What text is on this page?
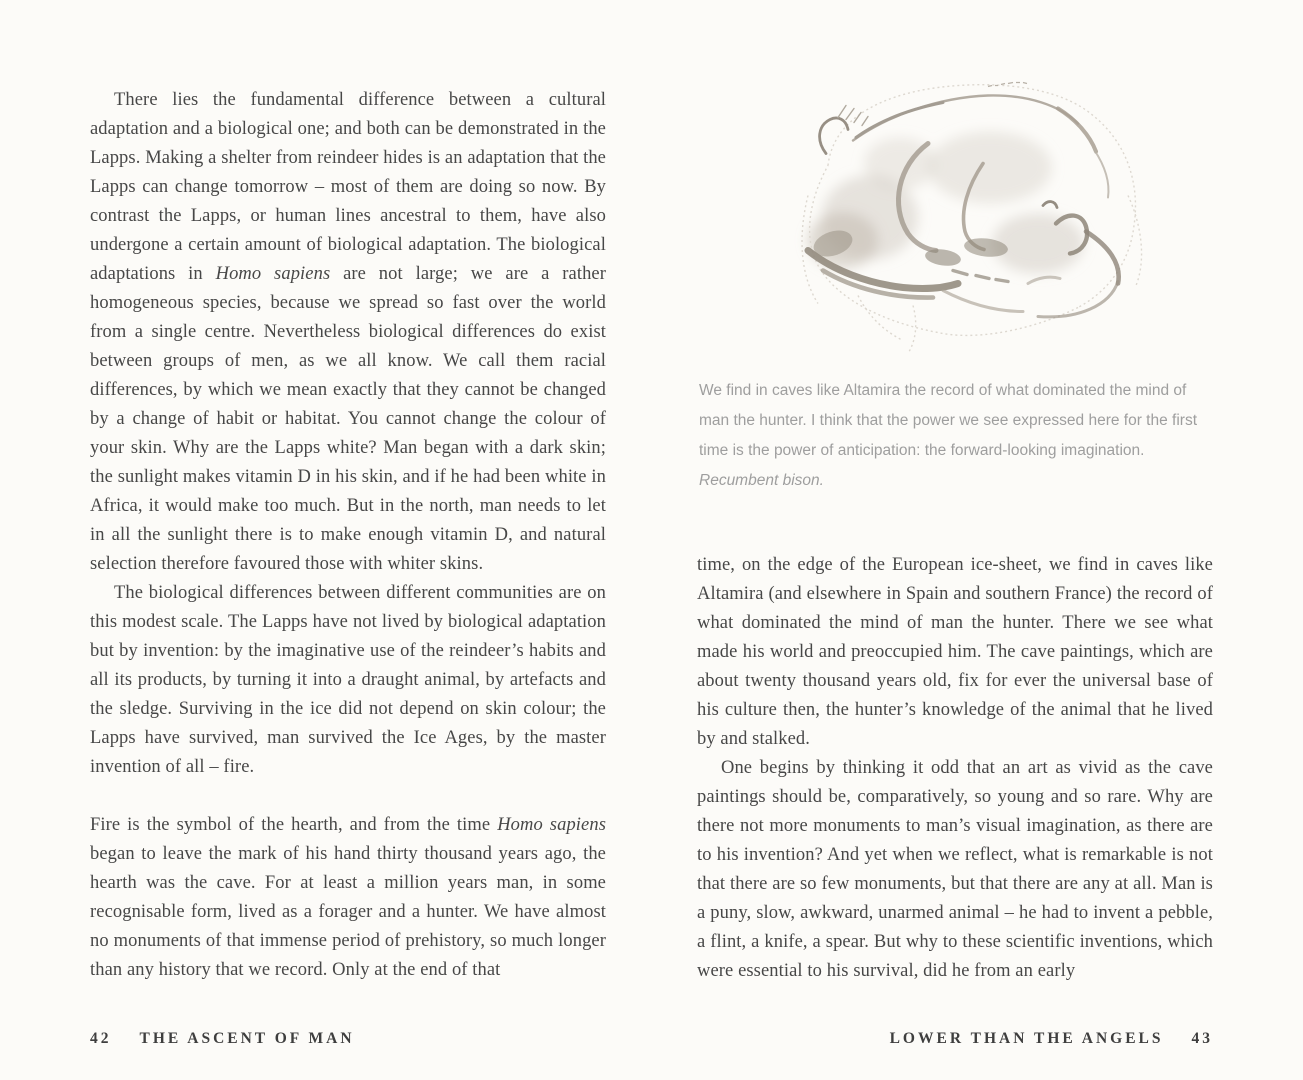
There lies the fundamental difference between a cultural adaptation and a biological one; and both can be demonstrated in the Lapps. Making a shelter from reindeer hides is an adaptation that the Lapps can change tomorrow – most of them are doing so now. By contrast the Lapps, or human lines ancestral to them, have also undergone a certain amount of biological adaptation. The biological adaptations in Homo sapiens are not large; we are a rather homogeneous species, because we spread so fast over the world from a single centre. Nevertheless biological differences do exist between groups of men, as we all know. We call them racial differences, by which we mean exactly that they cannot be changed by a change of habit or habitat. You cannot change the colour of your skin. Why are the Lapps white? Man began with a dark skin; the sunlight makes vitamin D in his skin, and if he had been white in Africa, it would make too much. But in the north, man needs to let in all the sunlight there is to make enough vitamin D, and natural selection therefore favoured those with whiter skins.

The biological differences between different communities are on this modest scale. The Lapps have not lived by biological adaptation but by invention: by the imaginative use of the reindeer’s habits and all its products, by turning it into a draught animal, by artefacts and the sledge. Surviving in the ice did not depend on skin colour; the Lapps have survived, man survived the Ice Ages, by the master invention of all – fire.

Fire is the symbol of the hearth, and from the time Homo sapiens began to leave the mark of his hand thirty thousand years ago, the hearth was the cave. For at least a million years man, in some recognisable form, lived as a forager and a hunter. We have almost no monuments of that immense period of prehistory, so much longer than any history that we record. Only at the end of that

42 THE ASCENT OF MAN
We find in caves like Altamira the record of what dominated the mind of man the hunter. I think that the power we see expressed here for the first time is the power of anticipation: the forward-looking imagination. Recumbent bison.

time, on the edge of the European ice-sheet, we find in caves like Altamira (and elsewhere in Spain and southern France) the record of what dominated the mind of man the hunter. There we see what made his world and preoccupied him. The cave paintings, which are about twenty thousand years old, fix for ever the universal base of his culture then, the hunter’s knowledge of the animal that he lived by and stalked.

One begins by thinking it odd that an art as vivid as the cave paintings should be, comparatively, so young and so rare. Why are there not more monuments to man’s visual imagination, as there are to his invention? And yet when we reflect, what is remarkable is not that there are so few monuments, but that there are any at all. Man is a puny, slow, awkward, unarmed animal – he had to invent a pebble, a flint, a knife, a spear. But why to these scientific inventions, which were essential to his survival, did he from an early

LOWER THAN THE ANGELS 43
